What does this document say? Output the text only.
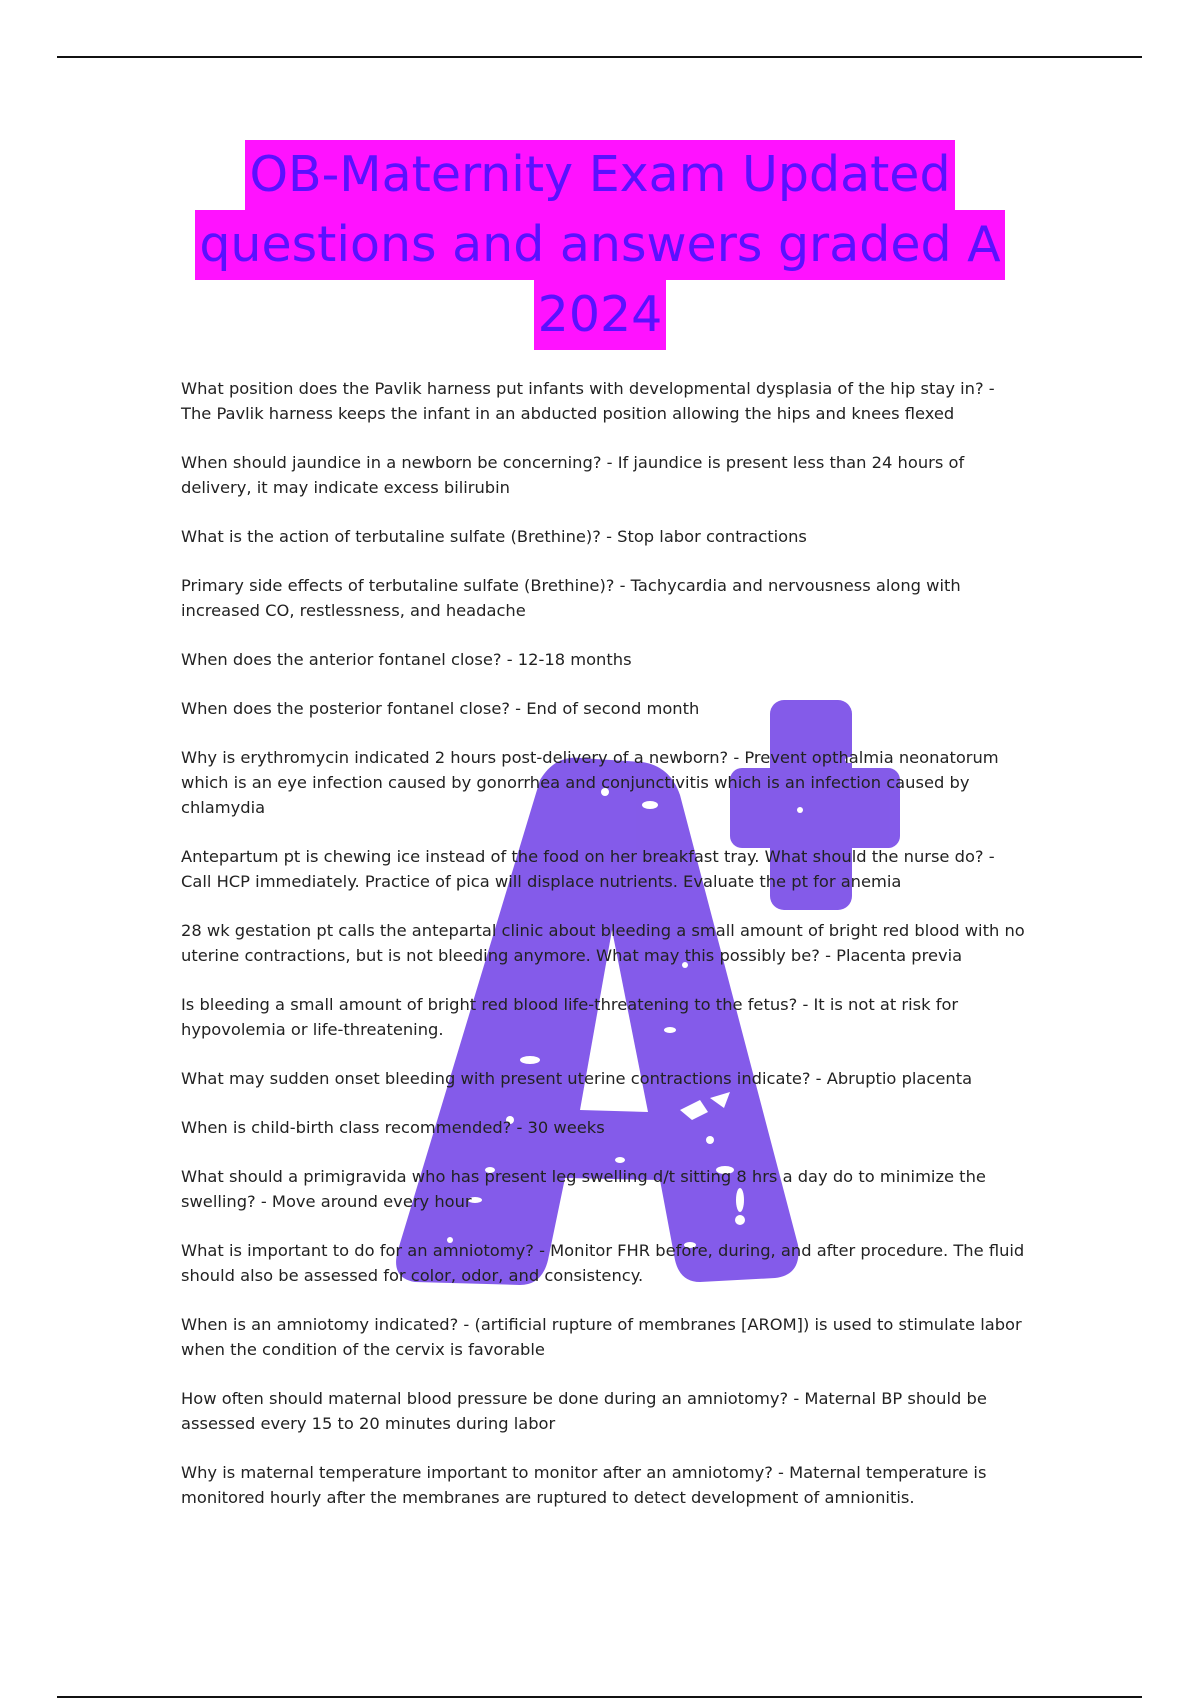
OB-Maternity Exam Updated
questions and answers graded A
2024

What position does the Pavlik harness put infants with developmental dysplasia of the hip stay in? - The Pavlik harness keeps the infant in an abducted position allowing the hips and knees flexed

When should jaundice in a newborn be concerning? - If jaundice is present less than 24 hours of delivery, it may indicate excess bilirubin

What is the action of terbutaline sulfate (Brethine)? - Stop labor contractions

Primary side effects of terbutaline sulfate (Brethine)? - Tachycardia and nervousness along with increased CO, restlessness, and headache

When does the anterior fontanel close? - 12-18 months

When does the posterior fontanel close? - End of second month

Why is erythromycin indicated 2 hours post-delivery of a newborn? - Prevent opthalmia neonatorum which is an eye infection caused by gonorrhea and conjunctivitis which is an infection caused by chlamydia

Antepartum pt is chewing ice instead of the food on her breakfast tray. What should the nurse do? - Call HCP immediately. Practice of pica will displace nutrients. Evaluate the pt for anemia

28 wk gestation pt calls the antepartal clinic about bleeding a small amount of bright red blood with no uterine contractions, but is not bleeding anymore. What may this possibly be? - Placenta previa

Is bleeding a small amount of bright red blood life-threatening to the fetus? - It is not at risk for hypovolemia or life-threatening.

What may sudden onset bleeding with present uterine contractions indicate? - Abruptio placenta

When is child-birth class recommended? - 30 weeks

What should a primigravida who has present leg swelling d/t sitting 8 hrs a day do to minimize the swelling? - Move around every hour

What is important to do for an amniotomy? - Monitor FHR before, during, and after procedure. The fluid should also be assessed for color, odor, and consistency.

When is an amniotomy indicated? - (artificial rupture of membranes [AROM]) is used to stimulate labor when the condition of the cervix is favorable

How often should maternal blood pressure be done during an amniotomy? - Maternal BP should be assessed every 15 to 20 minutes during labor

Why is maternal temperature important to monitor after an amniotomy? - Maternal temperature is monitored hourly after the membranes are ruptured to detect development of amnionitis.
